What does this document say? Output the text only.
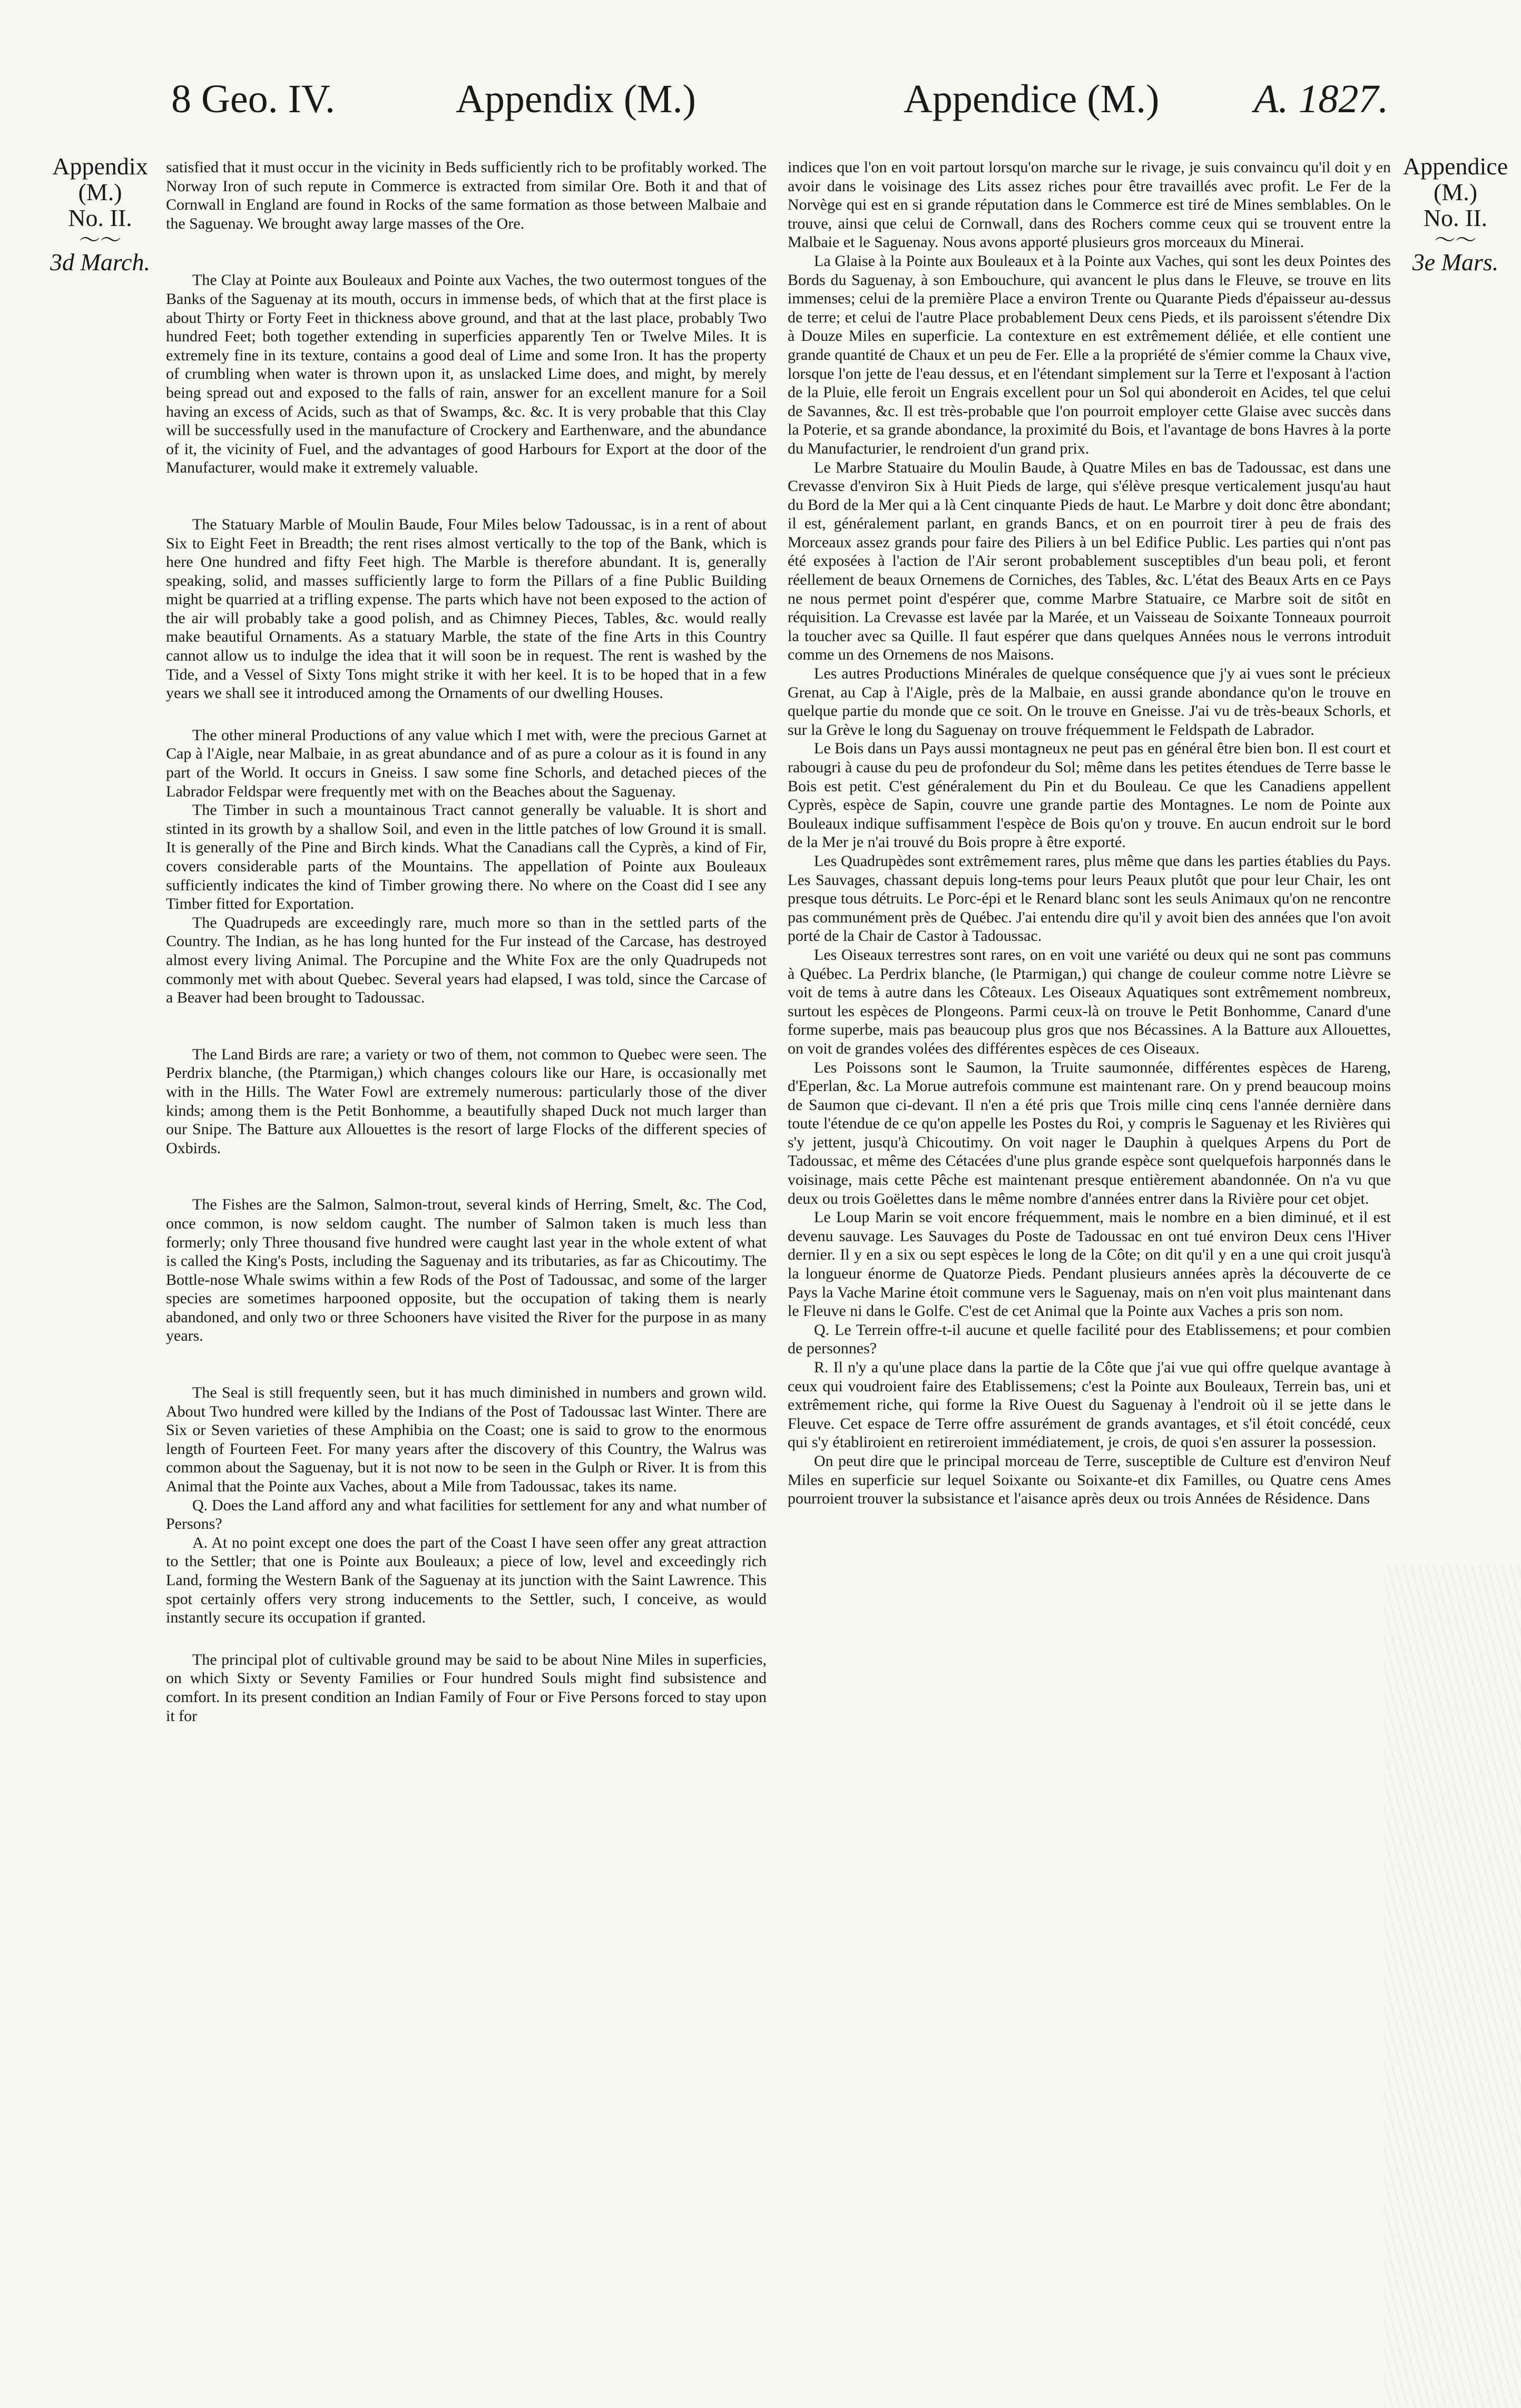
8 Geo. IV.	Appendix (M.)	Appendice (M.) A. 1827.
Appendix
(M.)
No. II.
〜〜
3d March.
Appendice
(M.)
No. II.
〜〜
3e Mars.

satisfied that it must occur in the vicinity in Beds sufficiently rich to be profitably worked. The Norway Iron of such repute in Commerce is extracted from similar Ore. Both it and that of Cornwall in England are found in Rocks of the same formation as those between Malbaie and the Saguenay. We brought away large masses of the Ore.

The Clay at Pointe aux Bouleaux and Pointe aux Vaches, the two outermost tongues of the Banks of the Saguenay at its mouth, occurs in immense beds, of which that at the first place is about Thirty or Forty Feet in thickness above ground, and that at the last place, probably Two hundred Feet; both together extending in superficies apparently Ten or Twelve Miles. It is extremely fine in its texture, contains a good deal of Lime and some Iron. It has the property of crumbling when water is thrown upon it, as unslacked Lime does, and might, by merely being spread out and exposed to the falls of rain, answer for an excellent manure for a Soil having an excess of Acids, such as that of Swamps, &c. &c. It is very probable that this Clay will be successfully used in the manufacture of Crockery and Earthenware, and the abundance of it, the vicinity of Fuel, and the advantages of good Harbours for Export at the door of the Manufacturer, would make it extremely valuable.

The Statuary Marble of Moulin Baude, Four Miles below Tadoussac, is in a rent of about Six to Eight Feet in Breadth; the rent rises almost vertically to the top of the Bank, which is here One hundred and fifty Feet high. The Marble is therefore abundant. It is, generally speaking, solid, and masses sufficiently large to form the Pillars of a fine Public Building might be quarried at a trifling expense. The parts which have not been exposed to the action of the air will probably take a good polish, and as Chimney Pieces, Tables, &c. would really make beautiful Ornaments. As a statuary Marble, the state of the fine Arts in this Country cannot allow us to indulge the idea that it will soon be in request. The rent is washed by the Tide, and a Vessel of Sixty Tons might strike it with her keel. It is to be hoped that in a few years we shall see it introduced among the Ornaments of our dwelling Houses.

The other mineral Productions of any value which I met with, were the precious Garnet at Cap à l'Aigle, near Malbaie, in as great abundance and of as pure a colour as it is found in any part of the World. It occurs in Gneiss. I saw some fine Schorls, and detached pieces of the Labrador Feldspar were frequently met with on the Beaches about the Saguenay.

The Timber in such a mountainous Tract cannot generally be valuable. It is short and stinted in its growth by a shallow Soil, and even in the little patches of low Ground it is small. It is generally of the Pine and Birch kinds. What the Canadians call the Cyprès, a kind of Fir, covers considerable parts of the Mountains. The appellation of Pointe aux Bouleaux sufficiently indicates the kind of Timber growing there. No where on the Coast did I see any Timber fitted for Exportation.

The Quadrupeds are exceedingly rare, much more so than in the settled parts of the Country. The Indian, as he has long hunted for the Fur instead of the Carcase, has destroyed almost every living Animal. The Porcupine and the White Fox are the only Quadrupeds not commonly met with about Quebec. Several years had elapsed, I was told, since the Carcase of a Beaver had been brought to Tadoussac.

The Land Birds are rare; a variety or two of them, not common to Quebec were seen. The Perdrix blanche, (the Ptarmigan,) which changes colours like our Hare, is occasionally met with in the Hills. The Water Fowl are extremely numerous: particularly those of the diver kinds; among them is the Petit Bonhomme, a beautifully shaped Duck not much larger than our Snipe. The Batture aux Allouettes is the resort of large Flocks of the different species of Oxbirds.

The Fishes are the Salmon, Salmon-trout, several kinds of Herring, Smelt, &c. The Cod, once common, is now seldom caught. The number of Salmon taken is much less than formerly; only Three thousand five hundred were caught last year in the whole extent of what is called the King's Posts, including the Saguenay and its tributaries, as far as Chicoutimy. The Bottle-nose Whale swims within a few Rods of the Post of Tadoussac, and some of the larger species are sometimes harpooned opposite, but the occupation of taking them is nearly abandoned, and only two or three Schooners have visited the River for the purpose in as many years.

The Seal is still frequently seen, but it has much diminished in numbers and grown wild. About Two hundred were killed by the Indians of the Post of Tadoussac last Winter. There are Six or Seven varieties of these Amphibia on the Coast; one is said to grow to the enormous length of Fourteen Feet. For many years after the discovery of this Country, the Walrus was common about the Saguenay, but it is not now to be seen in the Gulph or River. It is from this Animal that the Pointe aux Vaches, about a Mile from Tadoussac, takes its name.

Q. Does the Land afford any and what facilities for settlement for any and what number of Persons?

A. At no point except one does the part of the Coast I have seen offer any great attraction to the Settler; that one is Pointe aux Bouleaux; a piece of low, level and exceedingly rich Land, forming the Western Bank of the Saguenay at its junction with the Saint Lawrence. This spot certainly offers very strong inducements to the Settler, such, I conceive, as would instantly secure its occupation if granted.

The principal plot of cultivable ground may be said to be about Nine Miles in superficies, on which Sixty or Seventy Families or Four hundred Souls might find subsistence and comfort. In its present condition an Indian Family of Four or Five Persons forced to stay upon it for

indices que l'on en voit partout lorsqu'on marche sur le rivage, je suis convaincu qu'il doit y en avoir dans le voisinage des Lits assez riches pour être travaillés avec profit. Le Fer de la Norvège qui est en si grande réputation dans le Commerce est tiré de Mines semblables. On le trouve, ainsi que celui de Cornwall, dans des Rochers comme ceux qui se trouvent entre la Malbaie et le Saguenay. Nous avons apporté plusieurs gros morceaux du Minerai.

La Glaise à la Pointe aux Bouleaux et à la Pointe aux Vaches, qui sont les deux Pointes des Bords du Saguenay, à son Embouchure, qui avancent le plus dans le Fleuve, se trouve en lits immenses; celui de la première Place a environ Trente ou Quarante Pieds d'épaisseur au-dessus de terre; et celui de l'autre Place probablement Deux cens Pieds, et ils paroissent s'étendre Dix à Douze Miles en superficie. La contexture en est extrêmement déliée, et elle contient une grande quantité de Chaux et un peu de Fer. Elle a la propriété de s'émier comme la Chaux vive, lorsque l'on jette de l'eau dessus, et en l'étendant simplement sur la Terre et l'exposant à l'action de la Pluie, elle feroit un Engrais excellent pour un Sol qui abonderoit en Acides, tel que celui de Savannes, &c. Il est très-probable que l'on pourroit employer cette Glaise avec succès dans la Poterie, et sa grande abondance, la proximité du Bois, et l'avantage de bons Havres à la porte du Manufacturier, le rendroient d'un grand prix.

Le Marbre Statuaire du Moulin Baude, à Quatre Miles en bas de Tadoussac, est dans une Crevasse d'environ Six à Huit Pieds de large, qui s'élève presque verticalement jusqu'au haut du Bord de la Mer qui a là Cent cinquante Pieds de haut. Le Marbre y doit donc être abondant; il est, généralement parlant, en grands Bancs, et on en pourroit tirer à peu de frais des Morceaux assez grands pour faire des Piliers à un bel Edifice Public. Les parties qui n'ont pas été exposées à l'action de l'Air seront probablement susceptibles d'un beau poli, et feront réellement de beaux Ornemens de Corniches, des Tables, &c. L'état des Beaux Arts en ce Pays ne nous permet point d'espérer que, comme Marbre Statuaire, ce Marbre soit de sitôt en réquisition. La Crevasse est lavée par la Marée, et un Vaisseau de Soixante Tonneaux pourroit la toucher avec sa Quille. Il faut espérer que dans quelques Années nous le verrons introduit comme un des Ornemens de nos Maisons.

Les autres Productions Minérales de quelque conséquence que j'y ai vues sont le précieux Grenat, au Cap à l'Aigle, près de la Malbaie, en aussi grande abondance qu'on le trouve en quelque partie du monde que ce soit. On le trouve en Gneisse. J'ai vu de très-beaux Schorls, et sur la Grève le long du Saguenay on trouve fréquemment le Feldspath de Labrador.

Le Bois dans un Pays aussi montagneux ne peut pas en général être bien bon. Il est court et rabougri à cause du peu de profondeur du Sol; même dans les petites étendues de Terre basse le Bois est petit. C'est généralement du Pin et du Bouleau. Ce que les Canadiens appellent Cyprès, espèce de Sapin, couvre une grande partie des Montagnes. Le nom de Pointe aux Bouleaux indique suffisamment l'espèce de Bois qu'on y trouve. En aucun endroit sur le bord de la Mer je n'ai trouvé du Bois propre à être exporté.

Les Quadrupèdes sont extrêmement rares, plus même que dans les parties établies du Pays. Les Sauvages, chassant depuis long-tems pour leurs Peaux plutôt que pour leur Chair, les ont presque tous détruits. Le Porc-épi et le Renard blanc sont les seuls Animaux qu'on ne rencontre pas communément près de Québec. J'ai entendu dire qu'il y avoit bien des années que l'on avoit porté de la Chair de Castor à Tadoussac.

Les Oiseaux terrestres sont rares, on en voit une variété ou deux qui ne sont pas communs à Québec. La Perdrix blanche, (le Ptarmigan,) qui change de couleur comme notre Lièvre se voit de tems à autre dans les Côteaux. Les Oiseaux Aquatiques sont extrêmement nombreux, surtout les espèces de Plongeons. Parmi ceux-là on trouve le Petit Bonhomme, Canard d'une forme superbe, mais pas beaucoup plus gros que nos Bécassines. A la Batture aux Allouettes, on voit de grandes volées des différentes espèces de ces Oiseaux.

Les Poissons sont le Saumon, la Truite saumonnée, différentes espèces de Hareng, d'Eperlan, &c. La Morue autrefois commune est maintenant rare. On y prend beaucoup moins de Saumon que ci-devant. Il n'en a été pris que Trois mille cinq cens l'année dernière dans toute l'étendue de ce qu'on appelle les Postes du Roi, y compris le Saguenay et les Rivières qui s'y jettent, jusqu'à Chicoutimy. On voit nager le Dauphin à quelques Arpens du Port de Tadoussac, et même des Cétacées d'une plus grande espèce sont quelquefois harponnés dans le voisinage, mais cette Pêche est maintenant presque entièrement abandonnée. On n'a vu que deux ou trois Goëlettes dans le même nombre d'années entrer dans la Rivière pour cet objet.

Le Loup Marin se voit encore fréquemment, mais le nombre en a bien diminué, et il est devenu sauvage. Les Sauvages du Poste de Tadoussac en ont tué environ Deux cens l'Hiver dernier. Il y en a six ou sept espèces le long de la Côte; on dit qu'il y en a une qui croit jusqu'à la longueur énorme de Quatorze Pieds. Pendant plusieurs années après la découverte de ce Pays la Vache Marine étoit commune vers le Saguenay, mais on n'en voit plus maintenant dans le Fleuve ni dans le Golfe. C'est de cet Animal que la Pointe aux Vaches a pris son nom.

Q. Le Terrein offre-t-il aucune et quelle facilité pour des Etablissemens; et pour combien de personnes?

R. Il n'y a qu'une place dans la partie de la Côte que j'ai vue qui offre quelque avantage à ceux qui voudroient faire des Etablissemens; c'est la Pointe aux Bouleaux, Terrein bas, uni et extrêmement riche, qui forme la Rive Ouest du Saguenay à l'endroit où il se jette dans le Fleuve. Cet espace de Terre offre assurément de grands avantages, et s'il étoit concédé, ceux qui s'y établiroient en retireroient immédiatement, je crois, de quoi s'en assurer la possession.

On peut dire que le principal morceau de Terre, susceptible de Culture est d'environ Neuf Miles en superficie sur lequel Soixante ou Soixante-et dix Familles, ou Quatre cens Ames pourroient trouver la subsistance et l'aisance après deux ou trois Années de Résidence. Dans
